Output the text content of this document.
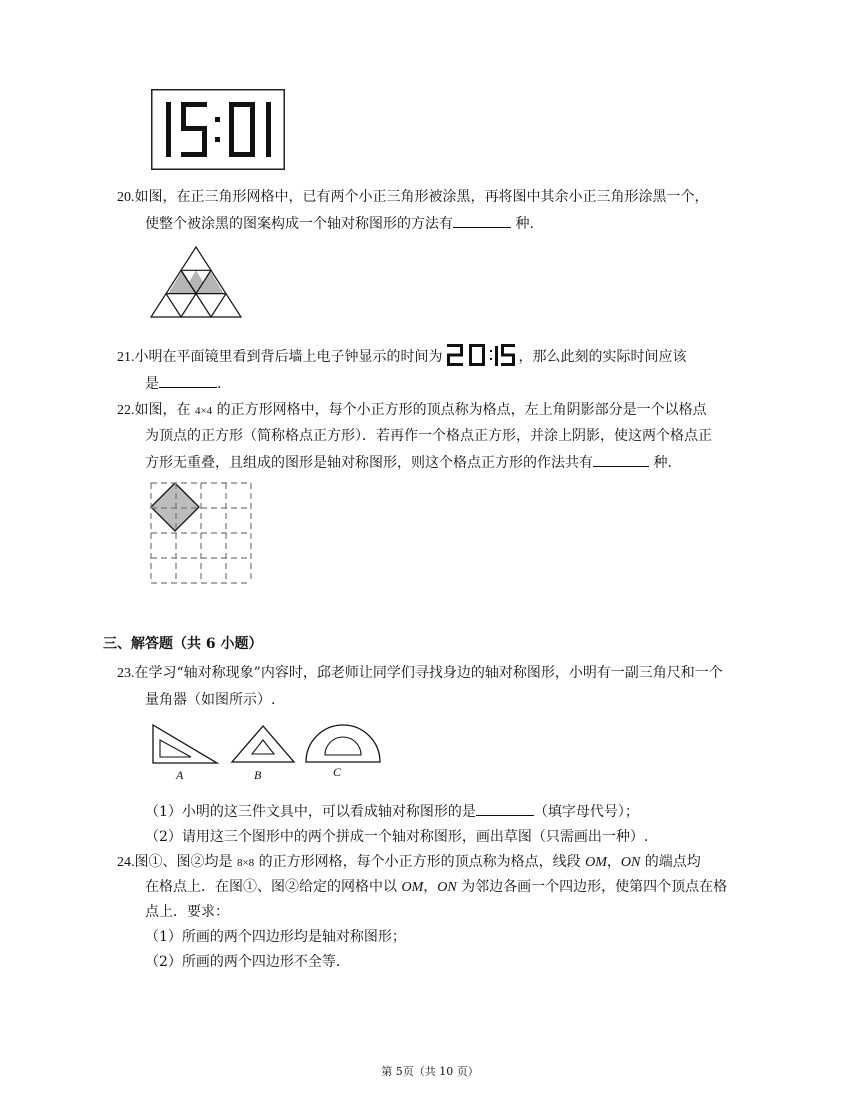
20.如图，在正三角形网格中，已有两个小正三角形被涂黑，再将图中其余小正三角形涂黑一个，
使整个被涂黑的图案构成一个轴对称图形的方法有	种.
21.小明在平面镜里看到背后墙上电子钟显示的时间为	，那么此刻的实际时间应该
是	.
22.如图，在 4×4 的正方形网格中，每个小正方形的顶点称为格点，左上角阴影部分是一个以格点
为顶点的正方形（简称格点正方形）．若再作一个格点正方形，并涂上阴影，使这两个格点正
方形无重叠，且组成的图形是轴对称图形，则这个格点正方形的作法共有	种.
三、解答题（共 6 小题）
23.在学习“轴对称现象”内容时，邱老师让同学们寻找身边的轴对称图形，小明有一副三角尺和一个
量角器（如图所示）.
A	B	C
（1）小明的这三件文具中，可以看成轴对称图形的是	（填字母代号）；
（2）请用这三个图形中的两个拼成一个轴对称图形，画出草图（只需画出一种）.
24.图①、图②均是 8×8 的正方形网格，每个小正方形的顶点称为格点，线段 OM，ON 的端点均
在格点上．在图①、图②给定的网格中以 OM，ON 为邻边各画一个四边形，使第四个顶点在格
点上．要求：
（1）所画的两个四边形均是轴对称图形；
（2）所画的两个四边形不全等.
第 5页（共 10 页）
